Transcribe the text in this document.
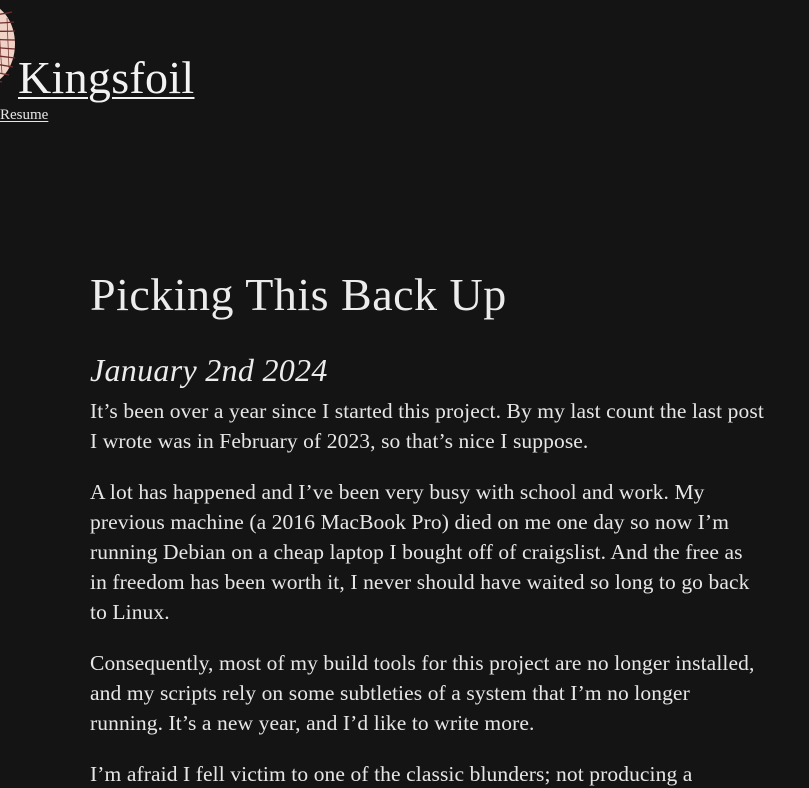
Kingsfoil
Resume
Picking This Back Up
January 2nd 2024

It’s been over a year since I started this project. By my last count the last post I wrote was in February of 2023, so that’s nice I suppose.

A lot has happened and I’ve been very busy with school and work. My previous machine (a 2016 MacBook Pro) died on me one day so now I’m running Debian on a cheap laptop I bought off of craigslist. And the free as in freedom has been worth it, I never should have waited so long to go back to Linux.

Consequently, most of my build tools for this project are no longer installed, and my scripts rely on some subtleties of a system that I’m no longer running. It’s a new year, and I’d like to write more.

I’m afraid I fell victim to one of the classic blunders; not producing a
